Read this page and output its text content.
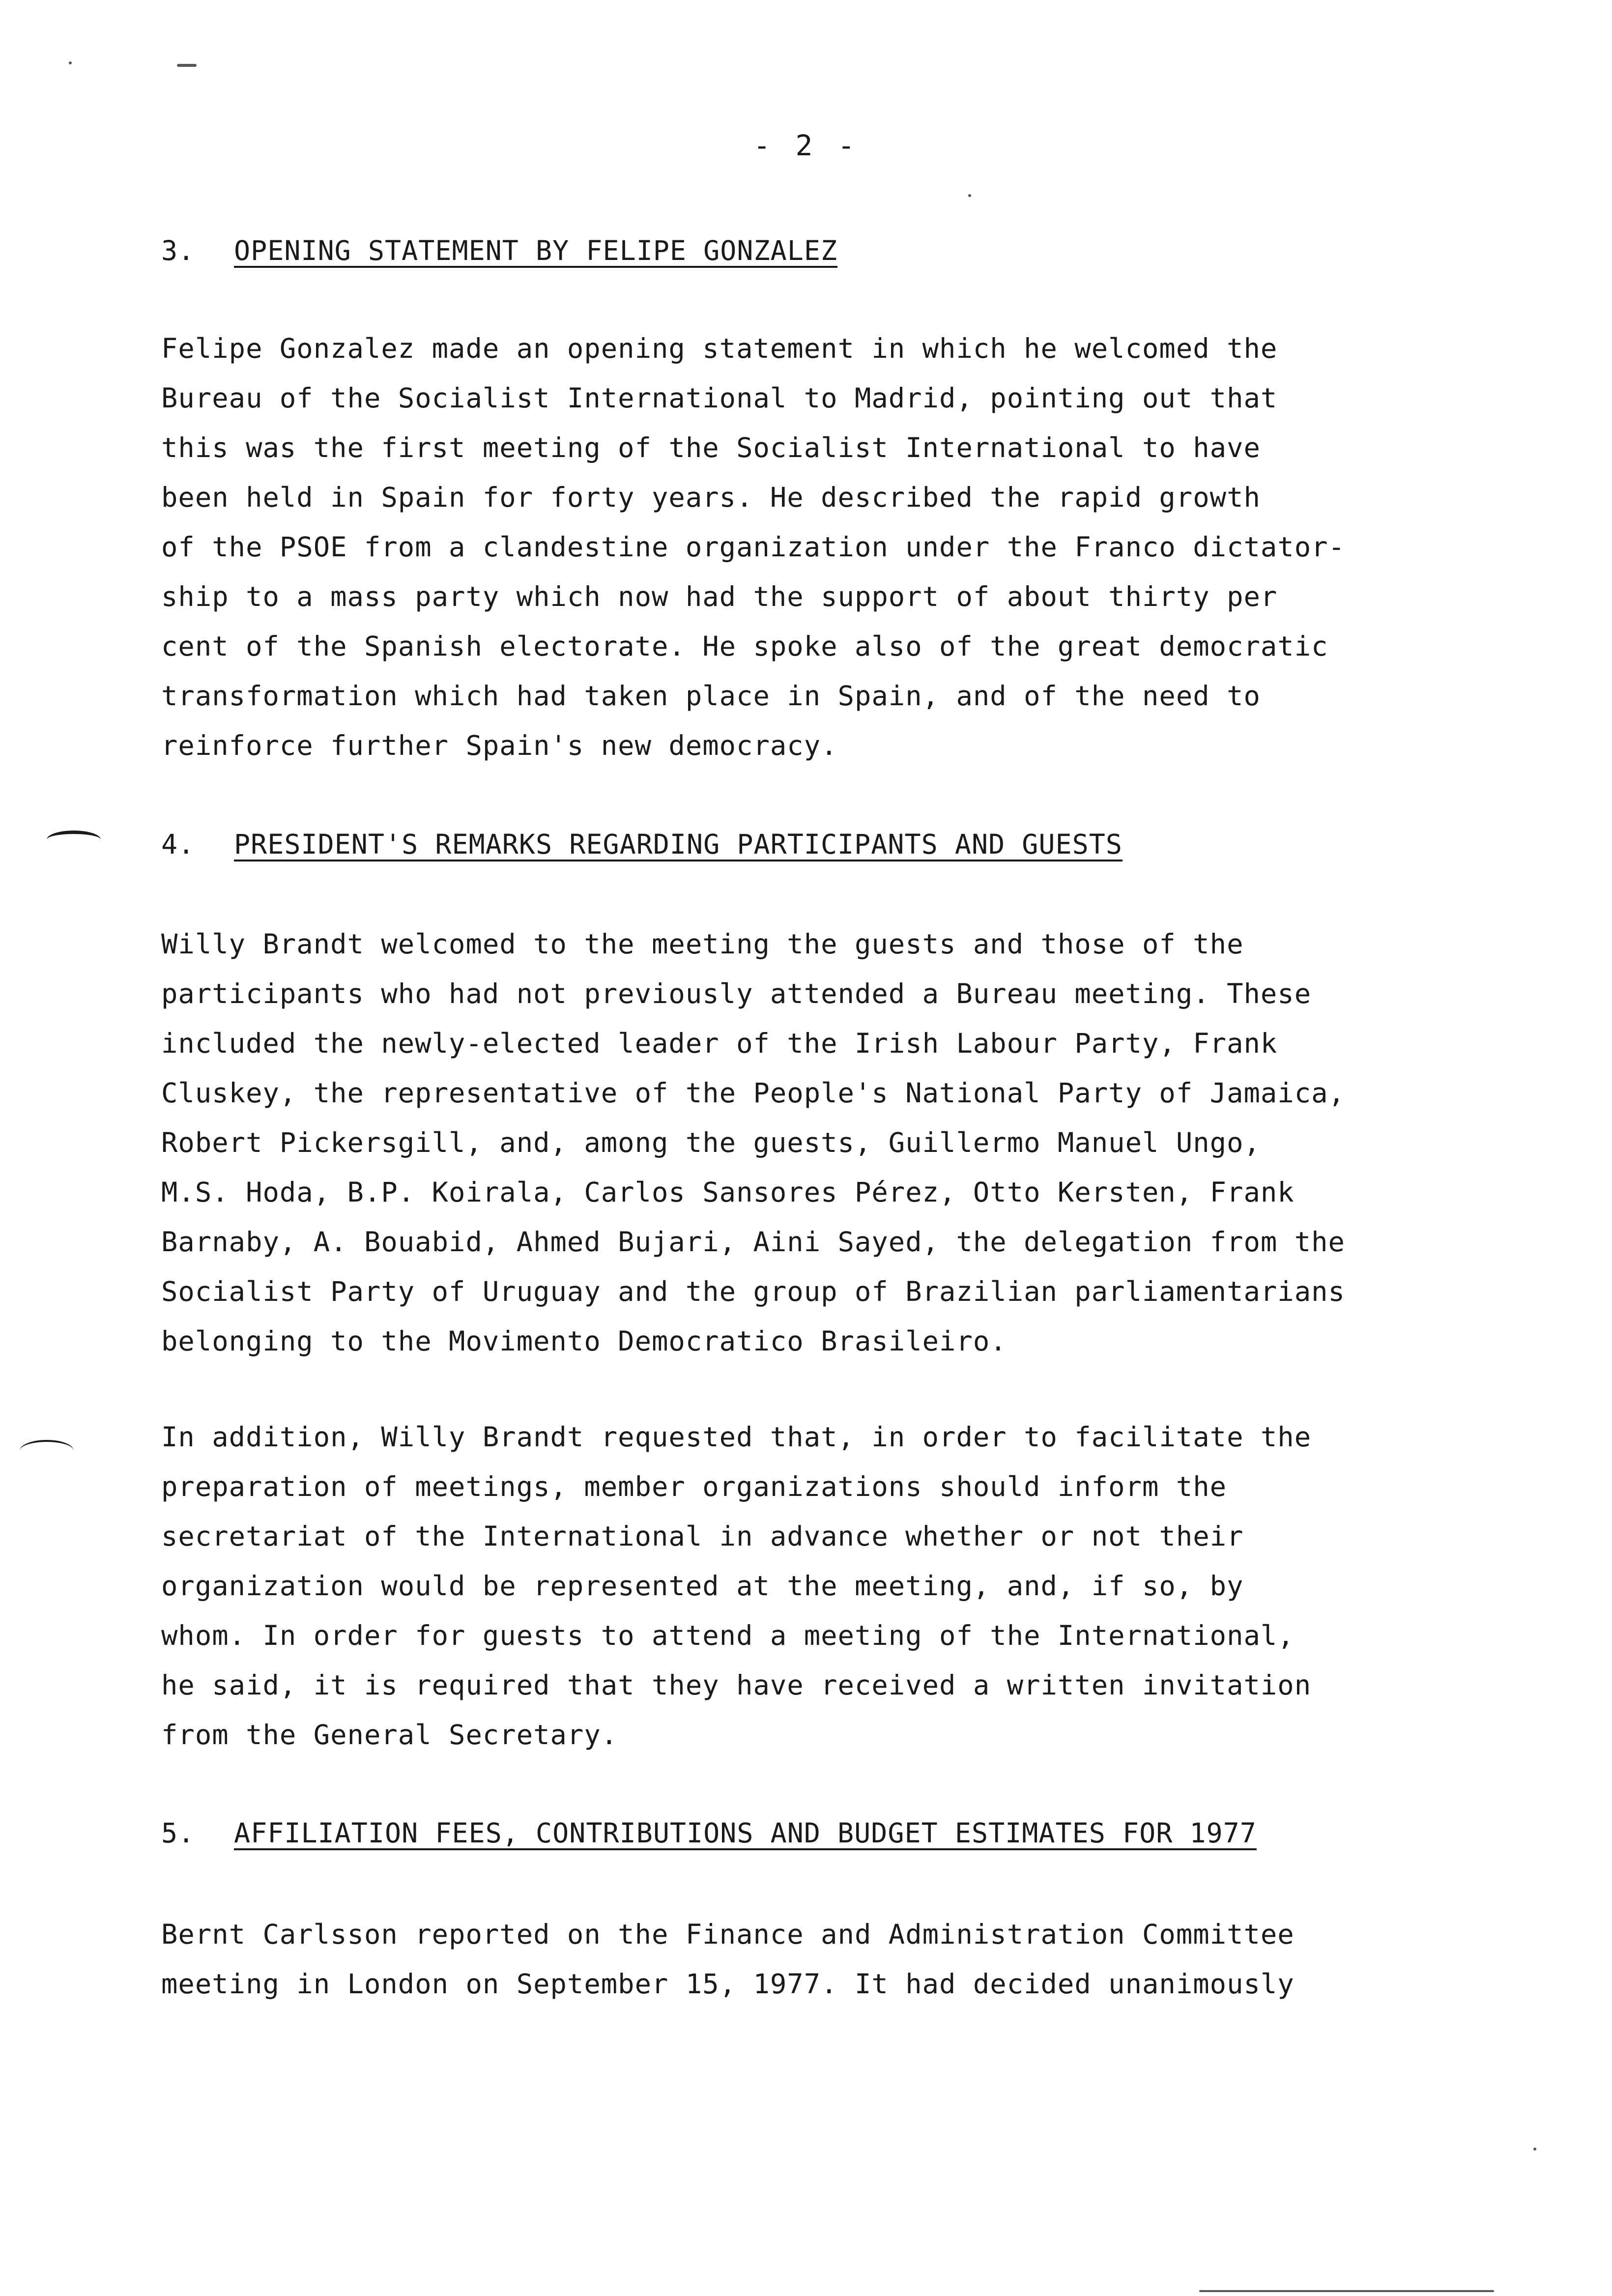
- 2 -
3. OPENING STATEMENT BY FELIPE GONZALEZ
Felipe Gonzalez made an opening statement in which he welcomed the
Bureau of the Socialist International to Madrid, pointing out that
this was the first meeting of the Socialist International to have
been held in Spain for forty years. He described the rapid growth
of the PSOE from a clandestine organization under the Franco dictator-
ship to a mass party which now had the support of about thirty per
cent of the Spanish electorate. He spoke also of the great democratic
transformation which had taken place in Spain, and of the need to
reinforce further Spain's new democracy.
4. PRESIDENT'S REMARKS REGARDING PARTICIPANTS AND GUESTS
Willy Brandt welcomed to the meeting the guests and those of the
participants who had not previously attended a Bureau meeting. These
included the newly-elected leader of the Irish Labour Party, Frank
Cluskey, the representative of the People's National Party of Jamaica,
Robert Pickersgill, and, among the guests, Guillermo Manuel Ungo,
M.S. Hoda, B.P. Koirala, Carlos Sansores Pérez, Otto Kersten, Frank
Barnaby, A. Bouabid, Ahmed Bujari, Aini Sayed, the delegation from the
Socialist Party of Uruguay and the group of Brazilian parliamentarians
belonging to the Movimento Democratico Brasileiro.
In addition, Willy Brandt requested that, in order to facilitate the
preparation of meetings, member organizations should inform the
secretariat of the International in advance whether or not their
organization would be represented at the meeting, and, if so, by
whom. In order for guests to attend a meeting of the International,
he said, it is required that they have received a written invitation
from the General Secretary.
5. AFFILIATION FEES, CONTRIBUTIONS AND BUDGET ESTIMATES FOR 1977
Bernt Carlsson reported on the Finance and Administration Committee
meeting in London on September 15, 1977. It had decided unanimously
